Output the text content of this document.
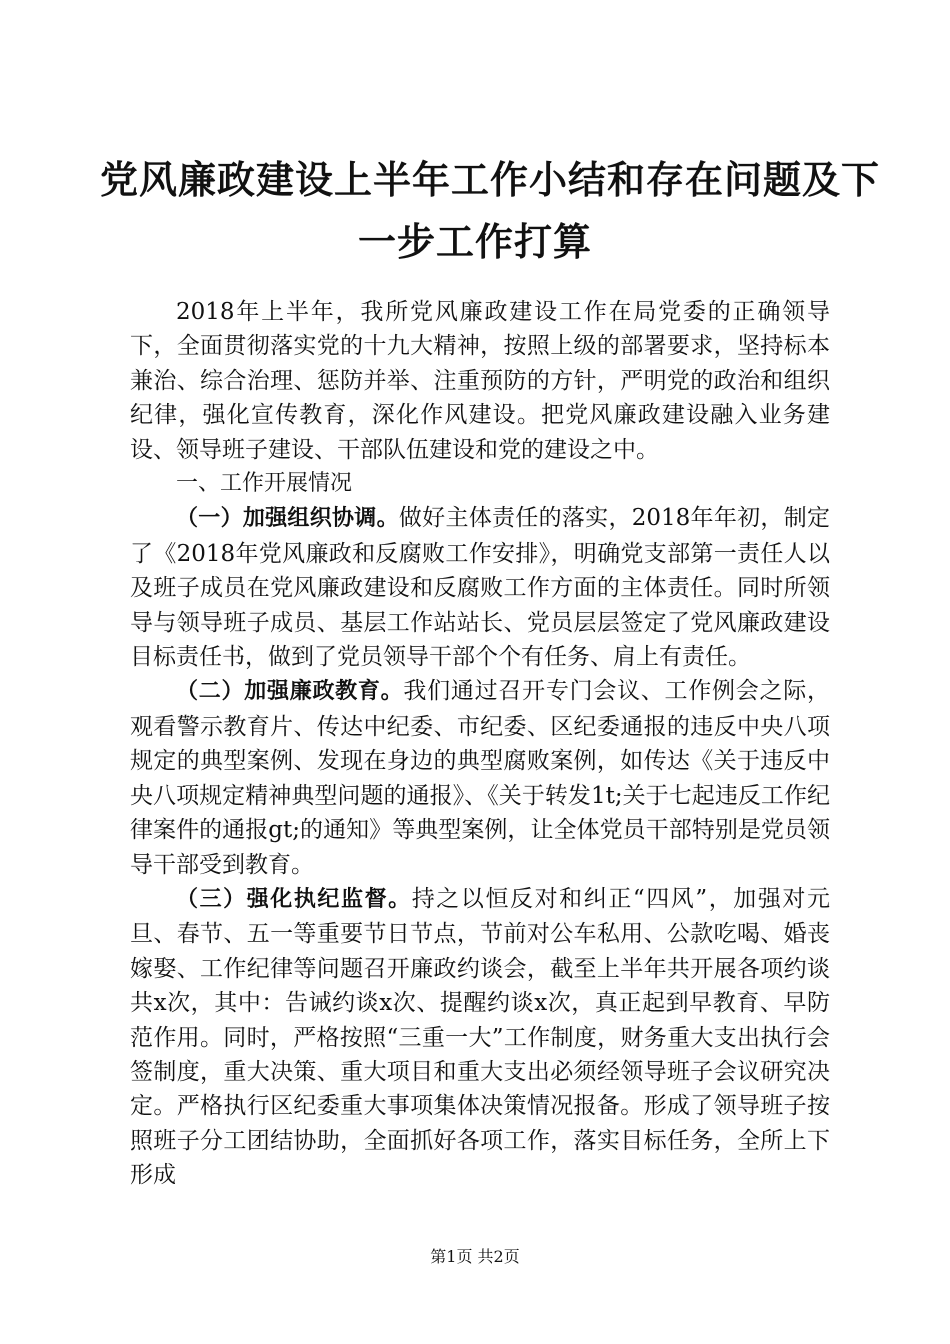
党风廉政建设上半年工作小结和存在问题及下
一步工作打算

2018年上半年，我所党风廉政建设工作在局党委的正确领导下，全面贯彻落实党的十九大精神，按照上级的部署要求，坚持标本兼治、综合治理、惩防并举、注重预防的方针，严明党的政治和组织纪律，强化宣传教育，深化作风建设。把党风廉政建设融入业务建设、领导班子建设、干部队伍建设和党的建设之中。

一、工作开展情况

（一）加强组织协调。做好主体责任的落实，2018年年初，制定了《2018年党风廉政和反腐败工作安排》，明确党支部第一责任人以及班子成员在党风廉政建设和反腐败工作方面的主体责任。同时所领导与领导班子成员、基层工作站站长、党员层层签定了党风廉政建设目标责任书，做到了党员领导干部个个有任务、肩上有责任。

（二）加强廉政教育。我们通过召开专门会议、工作例会之际，观看警示教育片、传达中纪委、市纪委、区纪委通报的违反中央八项规定的典型案例、发现在身边的典型腐败案例，如传达《关于违反中央八项规定精神典型问题的通报》、《关于转发1t;关于七起违反工作纪律案件的通报gt;的通知》等典型案例，让全体党员干部特别是党员领导干部受到教育。

（三）强化执纪监督。持之以恒反对和纠正“四风”，加强对元旦、春节、五一等重要节日节点，节前对公车私用、公款吃喝、婚丧嫁娶、工作纪律等问题召开廉政约谈会，截至上半年共开展各项约谈共x次，其中：告诫约谈x次、提醒约谈x次，真正起到早教育、早防范作用。同时，严格按照“三重一大”工作制度，财务重大支出执行会签制度，重大决策、重大项目和重大支出必须经领导班子会议研究决定。严格执行区纪委重大事项集体决策情况报备。形成了领导班子按照班子分工团结协助，全面抓好各项工作，落实目标任务，全所上下形成

第1页 共2页
